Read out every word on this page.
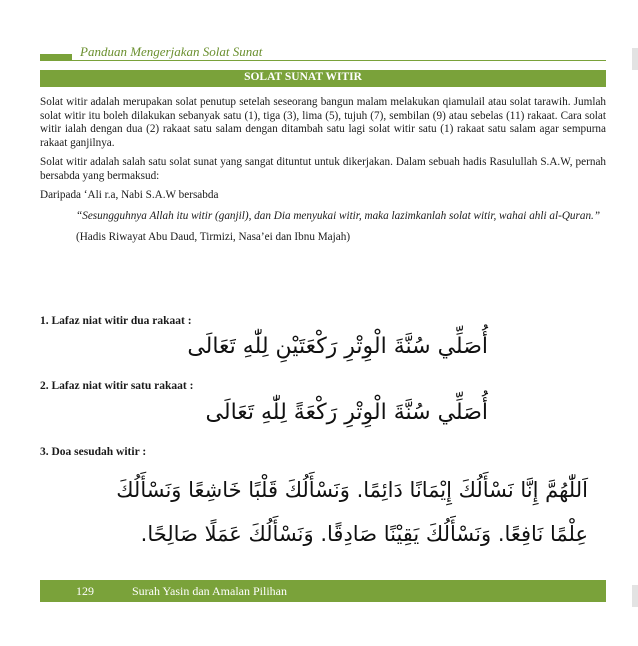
Panduan Mengerjakan Solat Sunat
SOLAT SUNAT WITIR

Solat witir adalah merupakan solat penutup setelah seseorang bangun malam melakukan qiamulail atau solat tarawih. Jumlah solat witir itu boleh dilakukan sebanyak satu (1), tiga (3), lima (5), tujuh (7), sembilan (9) atau sebelas (11) rakaat. Cara solat witir ialah dengan dua (2) rakaat satu salam dengan ditambah satu lagi solat witir satu (1) rakaat satu salam agar sempurna rakaat ganjilnya.

Solat witir adalah salah satu solat sunat yang sangat dituntut untuk dikerjakan. Dalam sebuah hadis Rasulullah S.A.W, pernah bersabda yang bermaksud:

Daripada ‘Ali r.a, Nabi S.A.W bersabda

“Sesungguhnya Allah itu witir (ganjil), dan Dia menyukai witir, maka lazimkanlah solat witir, wahai ahli al-Quran.”

(Hadis Riwayat Abu Daud, Tirmizi, Nasa’ei dan Ibnu Majah)

1. Lafaz niat witir dua rakaat :
أُصَلِّي سُنَّةَ الْوِتْرِ رَكْعَتَيْنِ لِلّٰهِ تَعَالَى
2. Lafaz niat witir satu rakaat :
أُصَلِّي سُنَّةَ الْوِتْرِ رَكْعَةً لِلّٰهِ تَعَالَى
3. Doa sesudah witir :
اَللّٰهُمَّ إِنَّا نَسْأَلُكَ إِيْمَانًا دَائِمًا. وَنَسْأَلُكَ قَلْبًا خَاشِعًا وَنَسْأَلُكَ
عِلْمًا نَافِعًا. وَنَسْأَلُكَ يَقِيْنًا صَادِقًا. وَنَسْأَلُكَ عَمَلًا صَالِحًا.
129	Surah Yasin dan Amalan Pilihan
